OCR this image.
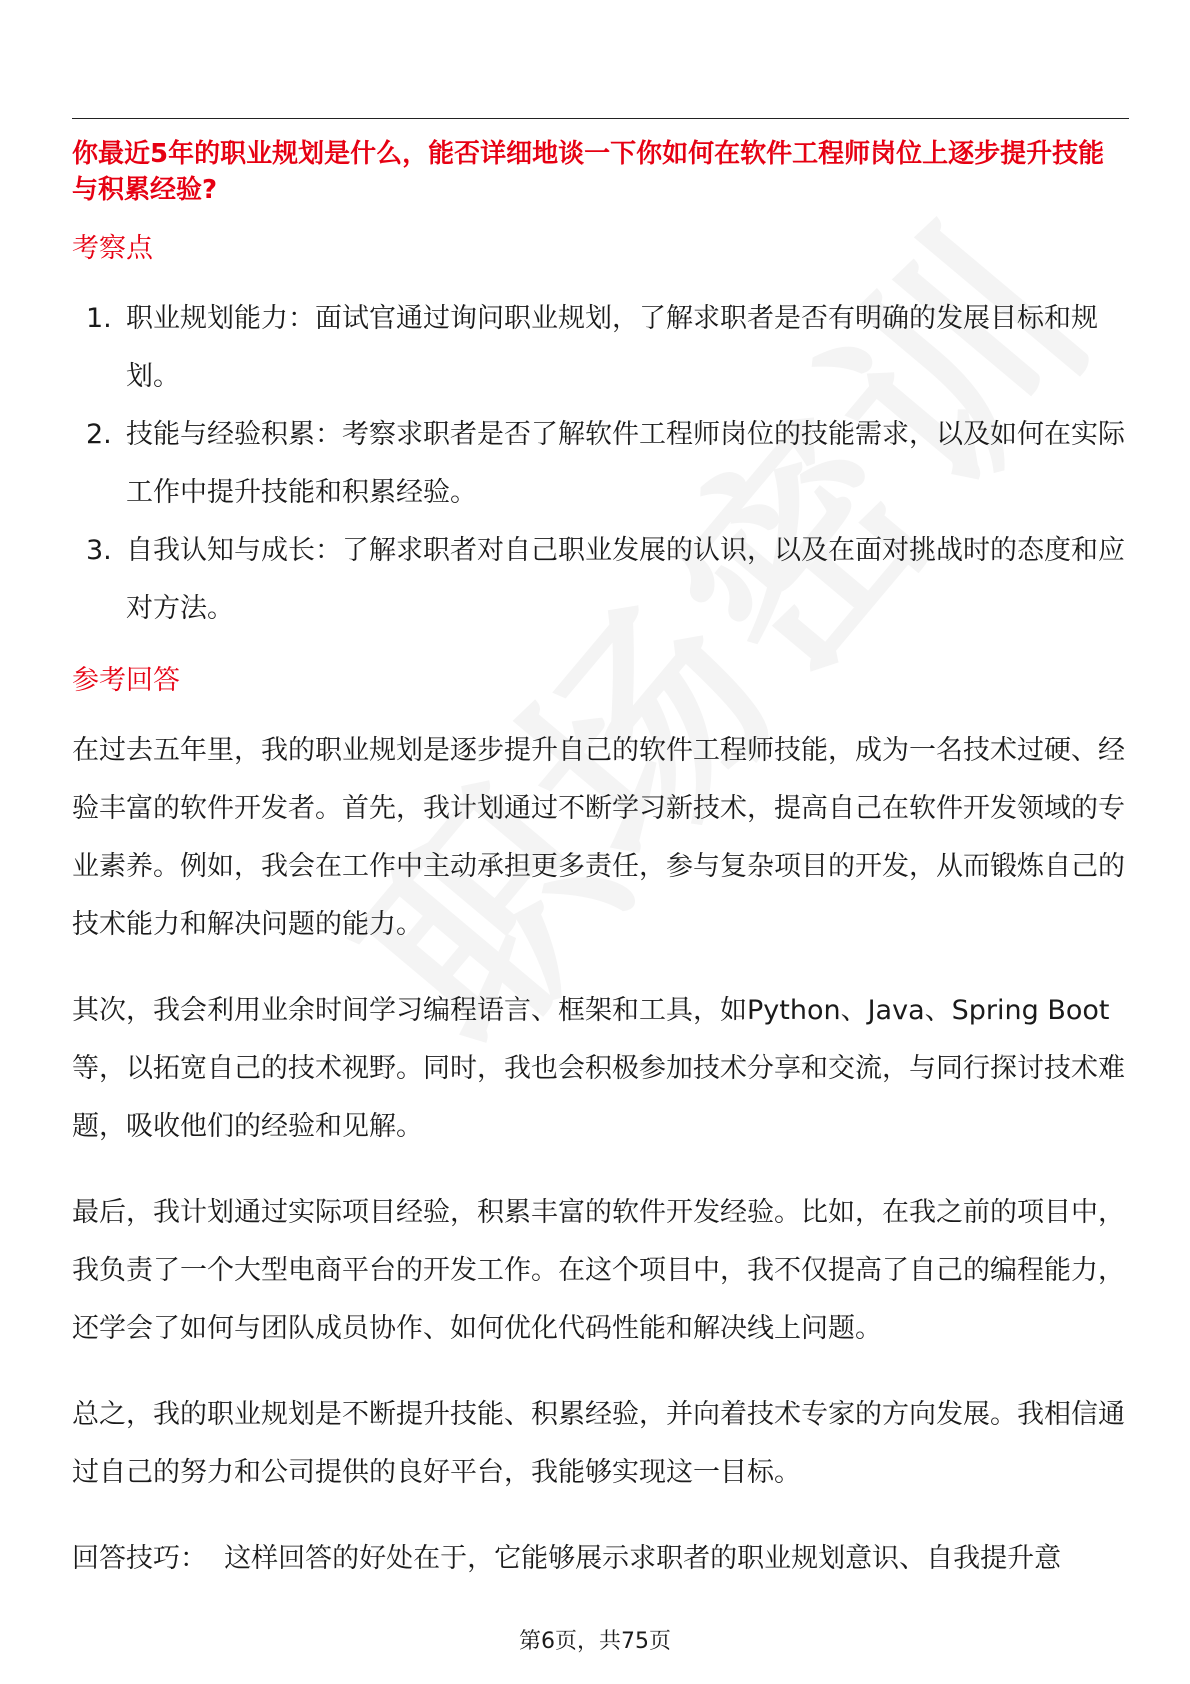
你最近5年的职业规划是什么，能否详细地谈一下你如何在软件工程师岗位上逐步提升技能与积累经验?
考察点
1. 职业规划能力：面试官通过询问职业规划，了解求职者是否有明确的发展目标和规划。
2. 技能与经验积累：考察求职者是否了解软件工程师岗位的技能需求，以及如何在实际工作中提升技能和积累经验。
3. 自我认知与成长：了解求职者对自己职业发展的认识，以及在面对挑战时的态度和应对方法。
参考回答

在过去五年里，我的职业规划是逐步提升自己的软件工程师技能，成为一名技术过硬、经验丰富的软件开发者。首先，我计划通过不断学习新技术，提高自己在软件开发领域的专业素养。例如，我会在工作中主动承担更多责任，参与复杂项目的开发，从而锻炼自己的技术能力和解决问题的能力。

其次，我会利用业余时间学习编程语言、框架和工具，如Python、Java、Spring Boot等，以拓宽自己的技术视野。同时，我也会积极参加技术分享和交流，与同行探讨技术难题，吸收他们的经验和见解。

最后，我计划通过实际项目经验，积累丰富的软件开发经验。比如，在我之前的项目中，我负责了一个大型电商平台的开发工作。在这个项目中，我不仅提高了自己的编程能力，还学会了如何与团队成员协作、如何优化代码性能和解决线上问题。

总之，我的职业规划是不断提升技能、积累经验，并向着技术专家的方向发展。我相信通过自己的努力和公司提供的良好平台，我能够实现这一目标。

回答技巧：  这样回答的好处在于，它能够展示求职者的职业规划意识、自我提升意

第6页，共75页
